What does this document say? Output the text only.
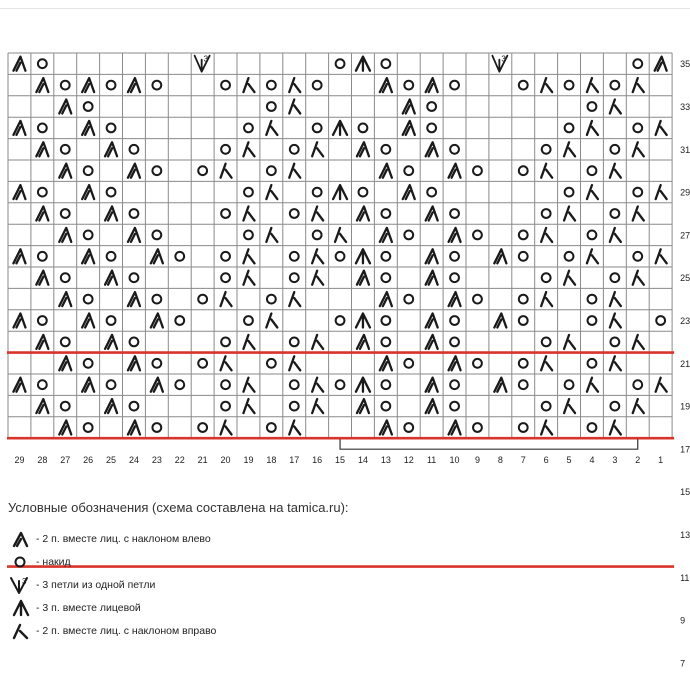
3	3	35
33
31
29
27
25
23
21
19
17
15
13
11
9
7
29 28 27 26 25 24 23 22 21 20 19 18 17 16 15 14 13 12 11 10 9 8 7 6 5 4 3 2 1
Условные обозначения (схема составлена на tamica.ru):
- 2 п. вместе лиц. с наклоном влево
- накид
3 - 3 петли из одной петли
- 3 п. вместе лицевой
- 2 п. вместе лиц. с наклоном вправо
